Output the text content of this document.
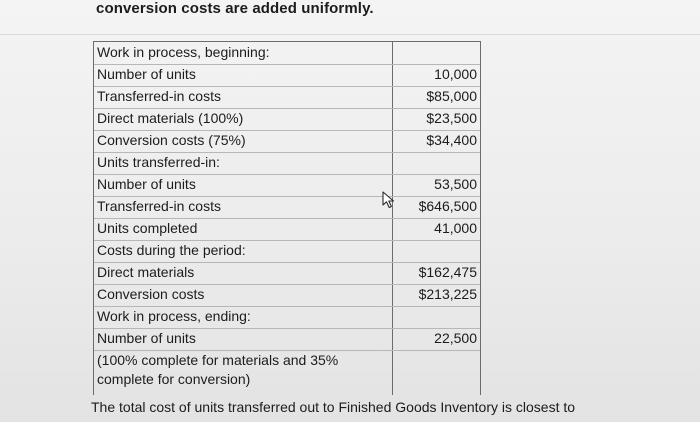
conversion costs are added uniformly.
Work in process, beginning:
Number of units	10,000
Transferred-in costs	$85,000
Direct materials (100%)	$23,500
Conversion costs (75%)	$34,400
Units transferred-in:
Number of units	53,500
Transferred-in costs	$646,500
Units completed	41,000
Costs during the period:
Direct materials	$162,475
Conversion costs	$213,225
Work in process, ending:
Number of units	22,500
(100% complete for materials and 35% complete for conversion)
The total cost of units transferred out to Finished Goods Inventory is closest to
